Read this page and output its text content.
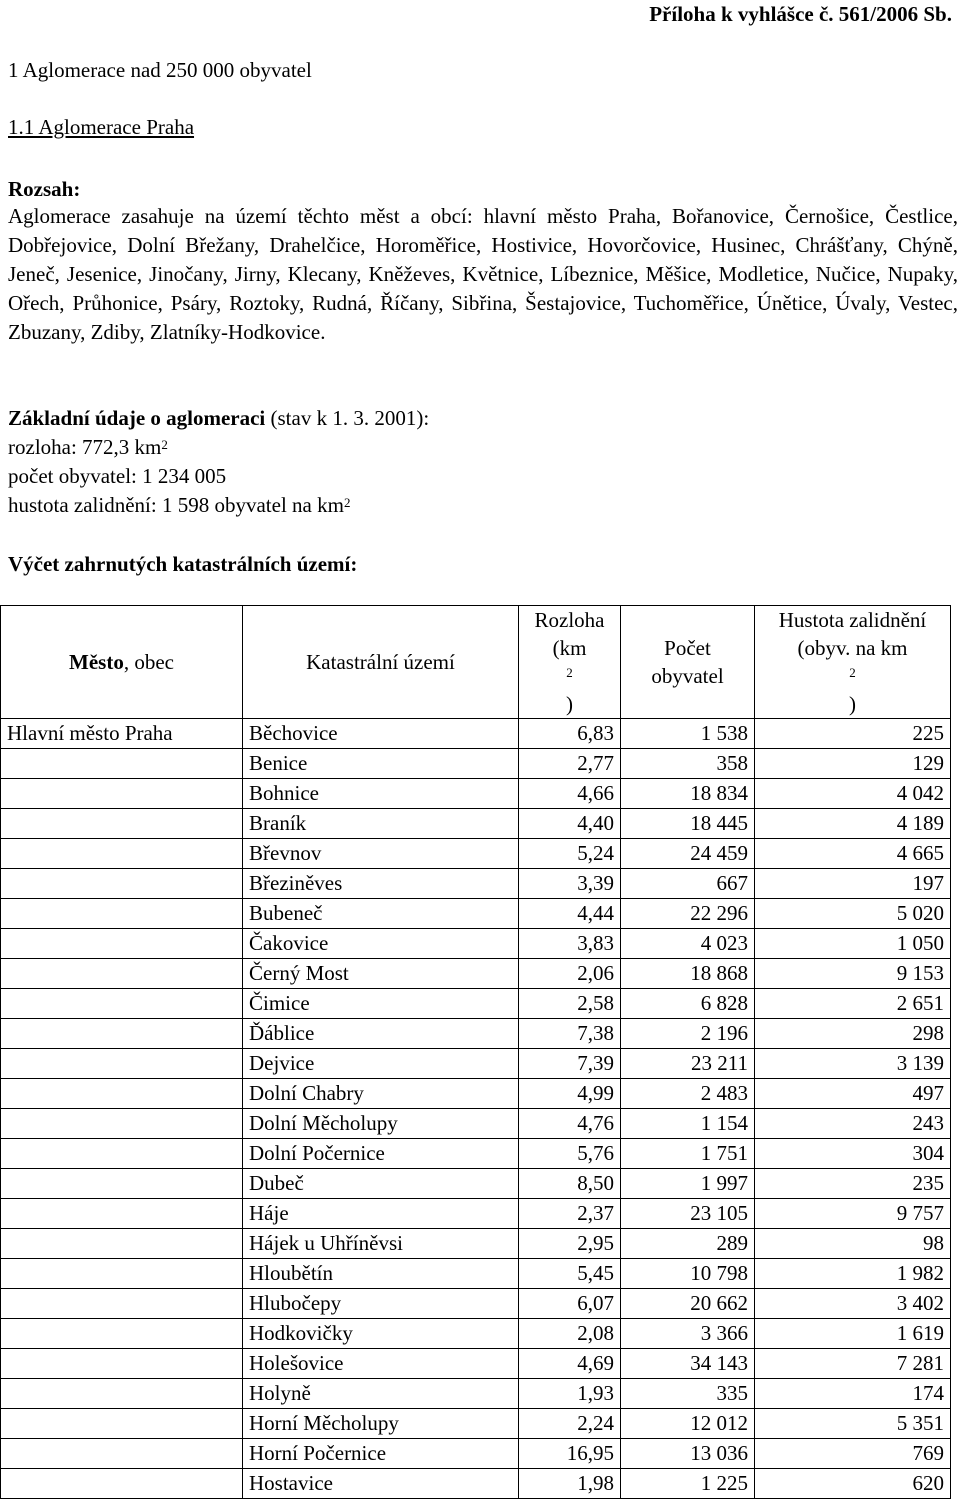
Příloha k vyhlášce č. 561/2006 Sb.
1 Aglomerace nad 250 000 obyvatel
1.1 Aglomerace Praha
Rozsah:

Aglomerace zasahuje na území těchto měst a obcí: hlavní město Praha, Bořanovice, Černošice, Čestlice, Dobřejovice, Dolní Břežany, Drahelčice, Horoměřice, Hostivice, Hovorčovice, Husinec, Chrášťany, Chýně, Jeneč, Jesenice, Jinočany, Jirny, Klecany, Kněževes, Květnice, Líbeznice, Měšice, Modletice, Nučice, Nupaky, Ořech, Průhonice, Psáry, Roztoky, Rudná, Říčany, Sibřina, Šestajovice, Tuchoměřice, Únětice, Úvaly, Vestec, Zbuzany, Zdiby, Zlatníky-Hodkovice.

Základní údaje o aglomeraci (stav k 1. 3. 2001):
rozloha: 772,3 $km^2$
počet obyvatel: 1 234 005
hustota zalidnění: 1 598 obyvatel na $km^2$
Výčet zahrnutých katastrálních území:
Město, obec	Katastrální území	Rozloha
(km
$^2$
)	Počet
obyvatel	Hustota zalidnění
(obyv. na km
$^2$
)

Hlavní město Praha	Běchovice	6,83	1 538	225
	Benice	2,77	358	129
	Bohnice	4,66	18 834	4 042
	Braník	4,40	18 445	4 189
	Břevnov	5,24	24 459	4 665
	Březiněves	3,39	667	197
	Bubeneč	4,44	22 296	5 020
	Čakovice	3,83	4 023	1 050
	Černý Most	2,06	18 868	9 153
	Čimice	2,58	6 828	2 651
	Ďáblice	7,38	2 196	298
	Dejvice	7,39	23 211	3 139
	Dolní Chabry	4,99	2 483	497
	Dolní Měcholupy	4,76	1 154	243
	Dolní Počernice	5,76	1 751	304
	Dubeč	8,50	1 997	235
	Háje	2,37	23 105	9 757
	Hájek u Uhříněvsi	2,95	289	98
	Hloubětín	5,45	10 798	1 982
	Hlubočepy	6,07	20 662	3 402
	Hodkovičky	2,08	3 366	1 619
	Holešovice	4,69	34 143	7 281
	Holyně	1,93	335	174
	Horní Měcholupy	2,24	12 012	5 351
	Horní Počernice	16,95	13 036	769
	Hostavice	1,98	1 225	620
